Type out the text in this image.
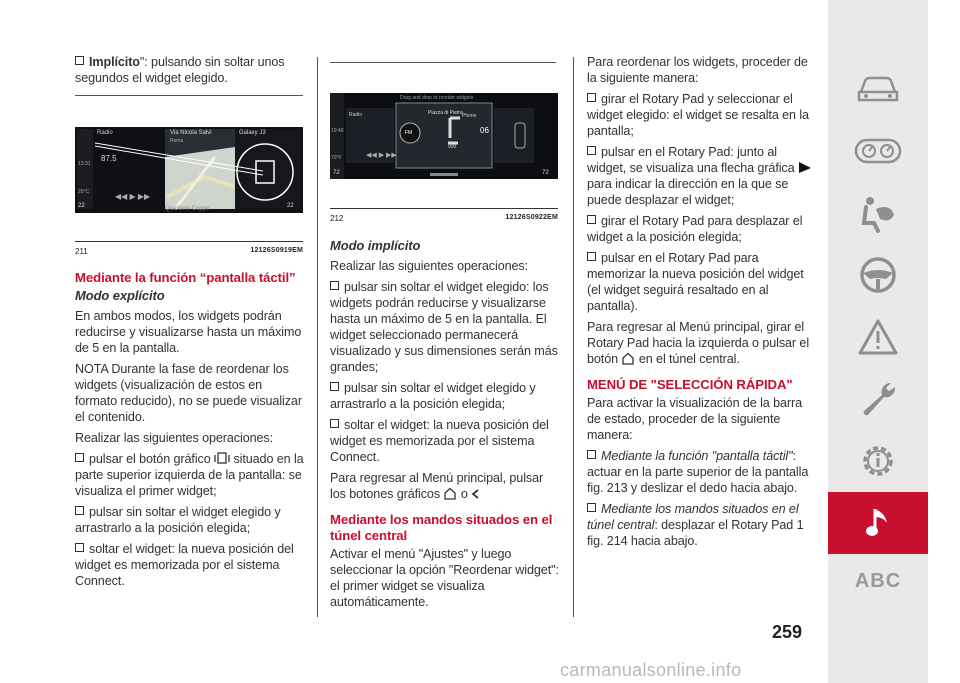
Implícito": pulsando sin soltar unos segundos el widget elegido.

Quartiere Coppe
◀◀ ▶ ▶▶
Radio	Via Nicola Salvi
Roma
Galaxy J3
87.5
13:31
20°C
22	22
211	12126S0919EM
Mediante la función “pantalla táctil”
Modo explícito

En ambos modos, los widgets podrán reducirse y visualizarse hasta un máximo de 5 en la pantalla.

NOTA Durante la fase de reordenar los widgets (visualización de estos en formato reducido), no se puede visualizar el contenido.

Realizar las siguientes operaciones:

pulsar el botón gráfico situado en la parte superior izquierda de la pantalla: se visualiza el primer widget;

pulsar sin soltar el widget elegido y arrastrarlo a la posición elegida;

soltar el widget: la nueva posición del widget es memorizada por el sistema Connect.

◀◀ ▶ ▶▶
Drag and drop to reorder widgets
Piazza di Pietra
Radio	Phone
FM	06
900
10:40
70°F
72	72
212	12126S0922EM
Modo implícito

Realizar las siguientes operaciones:

pulsar sin soltar el widget elegido: los widgets podrán reducirse y visualizarse hasta un máximo de 5 en la pantalla. El widget seleccionado permanecerá visualizado y sus dimensiones serán más grandes;

pulsar sin soltar el widget elegido y arrastrarlo a la posición elegida;

soltar el widget: la nueva posición del widget es memorizada por el sistema Connect.

Para regresar al Menú principal, pulsar los botones gráficos o

Mediante los mandos situados en el túnel central

Activar el menú "Ajustes" y luego seleccionar la opción "Reordenar widget": el primer widget se visualiza automáticamente.

Para reordenar los widgets, proceder de la siguiente manera:

girar el Rotary Pad y seleccionar el widget elegido: el widget se resalta en la pantalla;

pulsar en el Rotary Pad: junto al widget, se visualiza una flecha gráfica  para indicar la dirección en la que se puede desplazar el widget;

girar el Rotary Pad para desplazar el widget a la posición elegida;

pulsar en el Rotary Pad para memorizar la nueva posición del widget (el widget seguirá resaltado en al pantalla).

Para regresar al Menú principal, girar el Rotary Pad hacia la izquierda o pulsar el botón en el túnel central.

MENÚ DE "SELECCIÓN RÁPIDA"

Para activar la visualización de la barra de estado, proceder de la siguiente manera:

Mediante la función "pantalla táctil": actuar en la parte superior de la pantalla fig. 213 y deslizar el dedo hacia abajo.

Mediante los mandos situados en el túnel central: desplazar el Rotary Pad 1 fig. 214 hacia abajo.

259
ABC
carmanualsonline.info
